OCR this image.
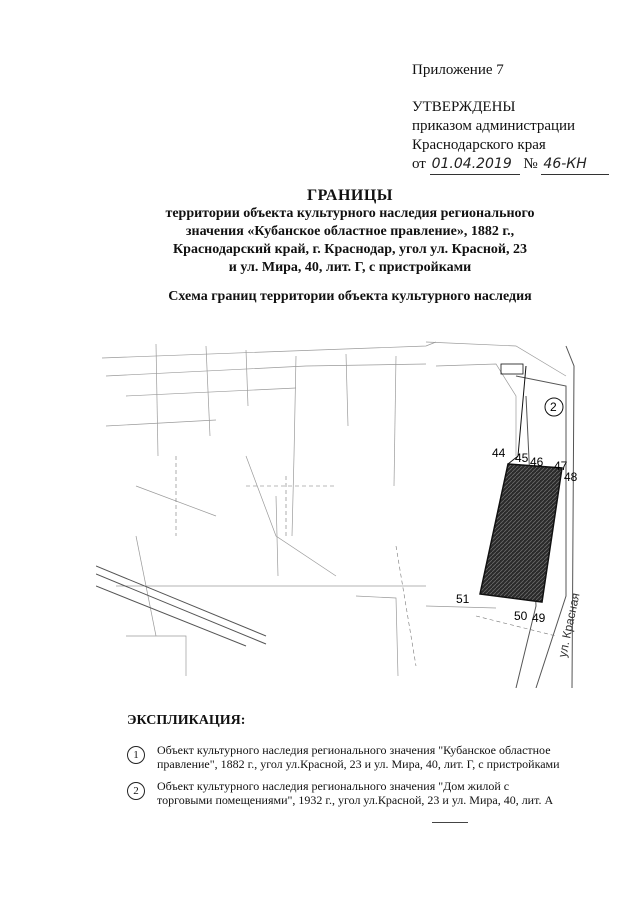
Приложение 7
УТВЕРЖДЕНЫ
приказом администрации
Краснодарского края
от 01.04.2019 № 46-КН
ГРАНИЦЫ
территории объекта культурного наследия регионального
значения «Кубанское областное правление», 1882 г.,
Краснодарский край, г. Краснодар, угол ул. Красной, 23
и ул. Мира, 40, лит. Г, с пристройками
Схема границ территории объекта культурного наследия
44 45 46 47
48
49
50
51
2
ул. Красная
ЭКСПЛИКАЦИЯ:
1	Объект культурного наследия регионального значения "Кубанское областное
правление", 1882 г., угол ул.Красной, 23 и ул. Мира, 40, лит. Г, с пристройками
2	Объект культурного наследия регионального значения "Дом жилой с
торговыми помещениями", 1932 г., угол ул.Красной, 23 и ул. Мира, 40, лит. А
